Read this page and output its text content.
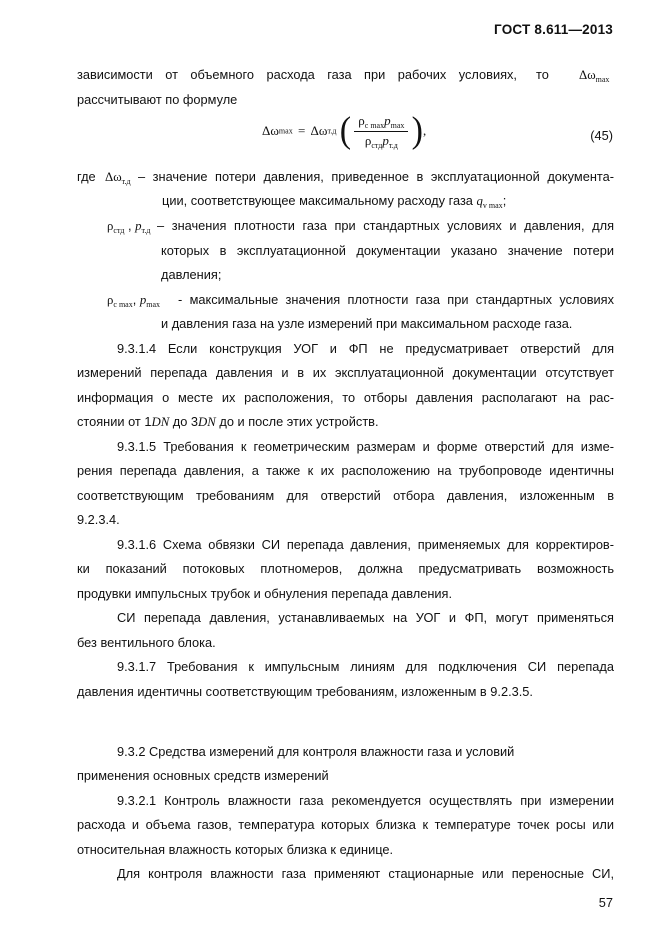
ГОСТ 8.611—2013
зависимости от объемного расхода газа при рабочих условиях, то	$\Delta\omega_{max}$
рассчитывают по формуле
Δωmax = Δωт.д ( $\frac{\rho_{с max}p_{max}}{\rho_{стд}p_{т.д}}$ ),	(45)
где $\Delta\omega_{т.д}$ – значение потери давления, приведенное в эксплуатационной документа-
ции, соответствующее максимальному расходу газа $q_{v max}$;
$\rho_{стд}$ , $p_{т.д}$ – значения плотности газа при стандартных условиях и давления, для
которых в эксплуатационной документации указано значение потери
давления;
$\rho_{с max}$, $p_{max}$	- максимальные значения плотности газа при стандартных условиях
и давления газа на узле измерений при максимальном расходе газа.
9.3.1.4 Если конструкция УОГ и ФП не предусматривает отверстий для
измерений перепада давления и в их эксплуатационной документации отсутствует
информация о месте их расположения, то отборы давления располагают на рас-
стоянии от 1DN до 3DN до и после этих устройств.
9.3.1.5 Требования к геометрическим размерам и форме отверстий для изме-
рения перепада давления, а также к их расположению на трубопроводе идентичны
соответствующим требованиям для отверстий отбора давления, изложенным в
9.2.3.4.
9.3.1.6 Схема обвязки СИ перепада давления, применяемых для корректиров-
ки показаний потоковых плотномеров, должна предусматривать возможность
продувки импульсных трубок и обнуления перепада давления.
СИ перепада давления, устанавливаемых на УОГ и ФП, могут применяться
без вентильного блока.
9.3.1.7 Требования к импульсным линиям для подключения СИ перепада
давления идентичны соответствующим требованиям, изложенным в 9.2.3.5.
9.3.2 Средства измерений для контроля влажности газа и условий
применения основных средств измерений
9.3.2.1 Контроль влажности газа рекомендуется осуществлять при измерении
расхода и объема газов, температура которых близка к температуре точек росы или
относительная влажность которых близка к единице.
Для контроля влажности газа применяют стационарные или переносные СИ,
57
